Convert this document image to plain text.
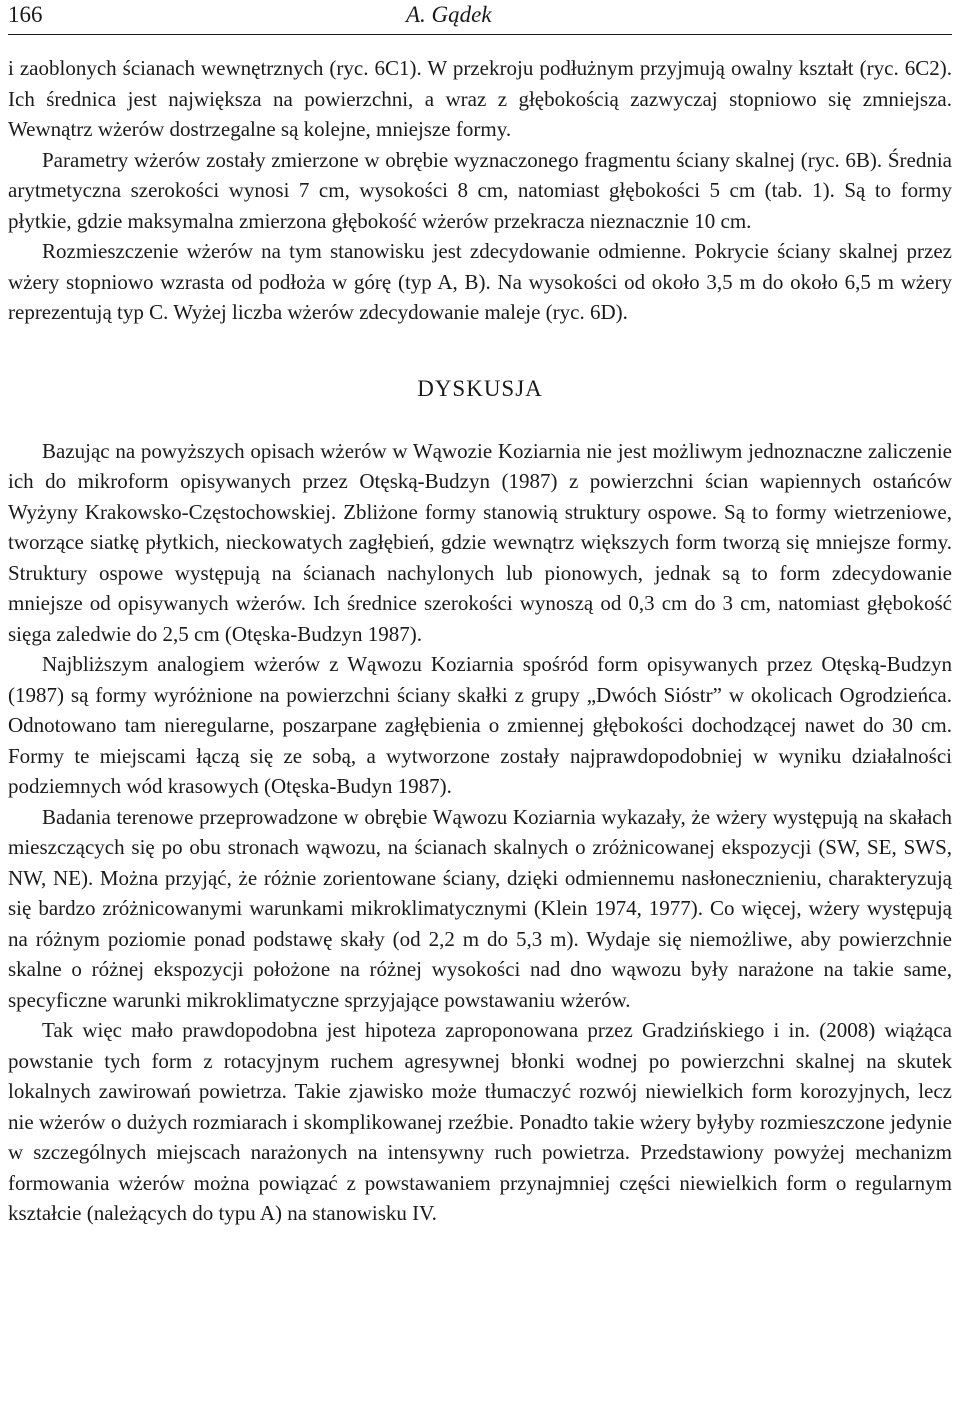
166	A. Gądek

i zaoblonych ścianach wewnętrznych (ryc. 6C1). W przekroju podłużnym przyjmują owalny kształt (ryc. 6C2). Ich średnica jest największa na powierzchni, a wraz z głębokością zazwyczaj stopniowo się zmniejsza. Wewnątrz wżerów dostrzegalne są kolejne, mniejsze formy.

Parametry wżerów zostały zmierzone w obrębie wyznaczonego fragmentu ściany skalnej (ryc. 6B). Średnia arytmetyczna szerokości wynosi 7 cm, wysokości 8 cm, natomiast głębokości 5 cm (tab. 1). Są to formy płytkie, gdzie maksymalna zmierzona głębokość wżerów przekracza nieznacznie 10 cm.

Rozmieszczenie wżerów na tym stanowisku jest zdecydowanie odmienne. Pokrycie ściany skalnej przez wżery stopniowo wzrasta od podłoża w górę (typ A, B). Na wysokości od około 3,5 m do około 6,5 m wżery reprezentują typ C. Wyżej liczba wżerów zdecydowanie maleje (ryc. 6D).

DYSKUSJA

Bazując na powyższych opisach wżerów w Wąwozie Koziarnia nie jest możliwym jednoznaczne zaliczenie ich do mikroform opisywanych przez Otęską-Budzyn (1987) z powierzchni ścian wapiennych ostańców Wyżyny Krakowsko-Częstochowskiej. Zbliżone formy stanowią struktury ospowe. Są to formy wietrzeniowe, tworzące siatkę płytkich, nieckowatych zagłębień, gdzie wewnątrz większych form tworzą się mniejsze formy. Struktury ospowe występują na ścianach nachylonych lub pionowych, jednak są to form zdecydowanie mniejsze od opisywanych wżerów. Ich średnice szerokości wynoszą od 0,3 cm do 3 cm, natomiast głębokość sięga zaledwie do 2,5 cm (Otęska-Budzyn 1987).

Najbliższym analogiem wżerów z Wąwozu Koziarnia spośród form opisywanych przez Otęską-Budzyn (1987) są formy wyróżnione na powierzchni ściany skałki z grupy „Dwóch Sióstr” w okolicach Ogrodzieńca. Odnotowano tam nieregularne, poszarpane zagłębienia o zmiennej głębokości dochodzącej nawet do 30 cm. Formy te miejscami łączą się ze sobą, a wytworzone zostały najprawdopodobniej w wyniku działalności podziemnych wód krasowych (Otęska-Budyn 1987).

Badania terenowe przeprowadzone w obrębie Wąwozu Koziarnia wykazały, że wżery występują na skałach mieszczących się po obu stronach wąwozu, na ścianach skalnych o zróżnicowanej ekspozycji (SW, SE, SWS, NW, NE). Można przyjąć, że różnie zorientowane ściany, dzięki odmiennemu nasłonecznieniu, charakteryzują się bardzo zróżnicowanymi warunkami mikroklimatycznymi (Klein 1974, 1977). Co więcej, wżery występują na różnym poziomie ponad podstawę skały (od 2,2 m do 5,3 m). Wydaje się niemożliwe, aby powierzchnie skalne o różnej ekspozycji położone na różnej wysokości nad dno wąwozu były narażone na takie same, specyficzne warunki mikroklimatyczne sprzyjające powstawaniu wżerów.

Tak więc mało prawdopodobna jest hipoteza zaproponowana przez Gradzińskiego i in. (2008) wiążąca powstanie tych form z rotacyjnym ruchem agresywnej błonki wodnej po powierzchni skalnej na skutek lokalnych zawirowań powietrza. Takie zjawisko może tłumaczyć rozwój niewielkich form korozyjnych, lecz nie wżerów o dużych rozmiarach i skomplikowanej rzeźbie. Ponadto takie wżery byłyby rozmieszczone jedynie w szczególnych miejscach narażonych na intensywny ruch powietrza. Przedstawiony powyżej mechanizm formowania wżerów można powiązać z powstawaniem przynajmniej części niewielkich form o regularnym kształcie (należących do typu A) na stanowisku IV.
